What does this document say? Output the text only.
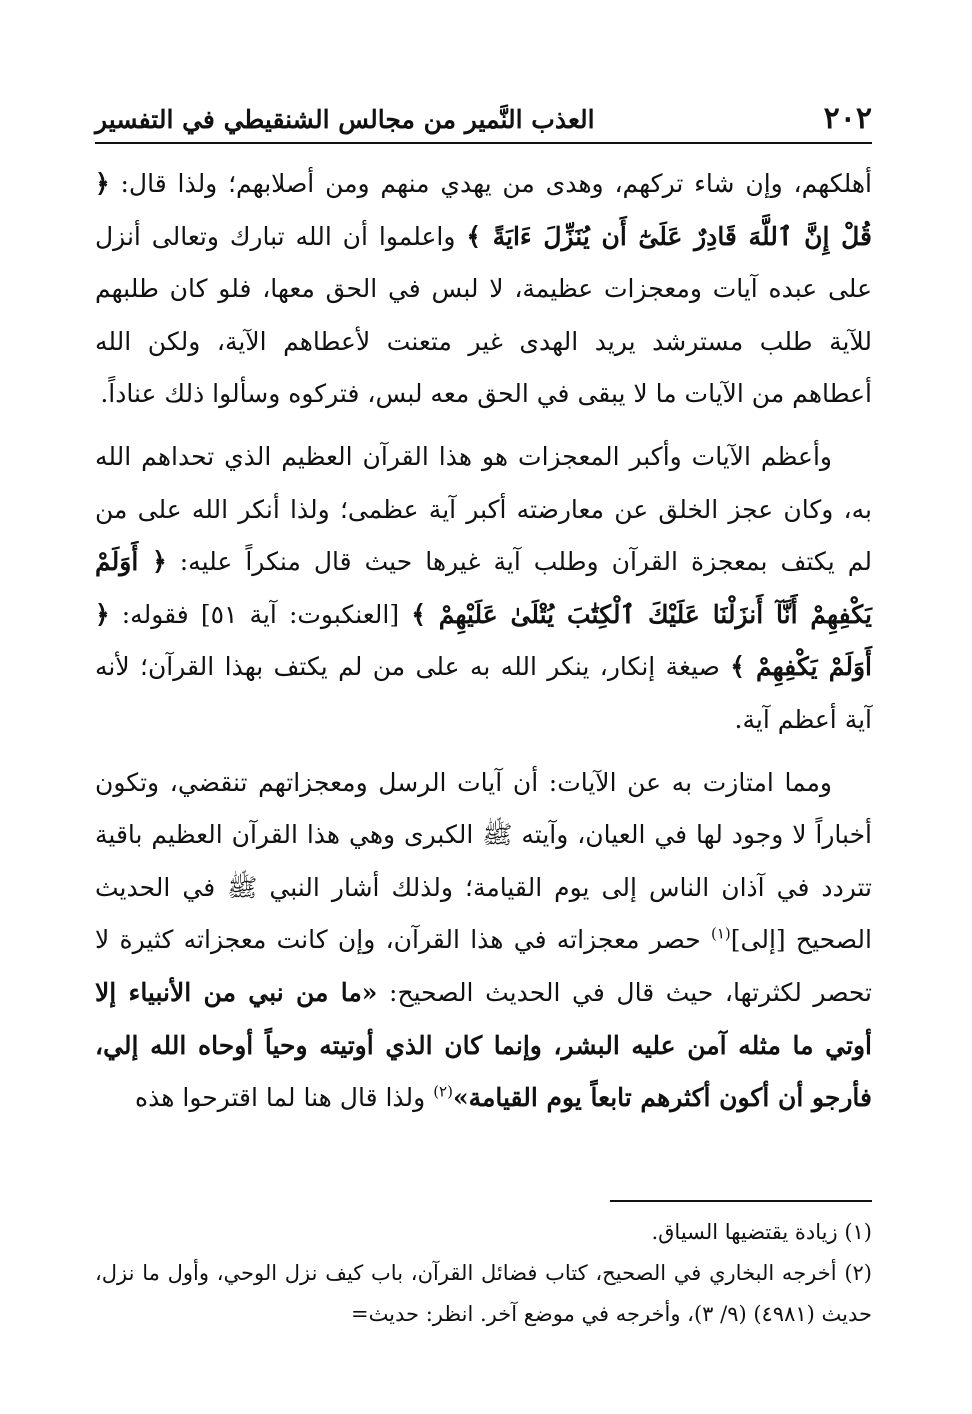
٢٠٢
العذب النَّمير من مجالس الشنقيطي في التفسير

أهلكهم، وإن شاء تركهم، وهدى من يهدي منهم ومن أصلابهم؛ ولذا قال: ﴿ قُلْ إِنَّ ٱللَّهَ قَادِرٌ عَلَىٰٓ أَن يُنَزِّلَ ءَايَةً ﴾ واعلموا أن الله تبارك وتعالى أنزل على عبده آيات ومعجزات عظيمة، لا لبس في الحق معها، فلو كان طلبهم للآية طلب مسترشد يريد الهدى غير متعنت لأعطاهم الآية، ولكن الله أعطاهم من الآيات ما لا يبقى في الحق معه لبس، فتركوه وسألوا ذلك عناداً.

وأعظم الآيات وأكبر المعجزات هو هذا القرآن العظيم الذي تحداهم الله به، وكان عجز الخلق عن معارضته أكبر آية عظمى؛ ولذا أنكر الله على من لم يكتف بمعجزة القرآن وطلب آية غيرها حيث قال منكراً عليه: ﴿ أَوَلَمْ يَكْفِهِمْ أَنَّآ أَنزَلْنَا عَلَيْكَ ٱلْكِتَٰبَ يُتْلَىٰ عَلَيْهِمْ ﴾ [العنكبوت: آية ٥١] فقوله: ﴿ أَوَلَمْ يَكْفِهِمْ ﴾ صيغة إنكار، ينكر الله به على من لم يكتف بهذا القرآن؛ لأنه آية أعظم آية.

ومما امتازت به عن الآيات: أن آيات الرسل ومعجزاتهم تنقضي، وتكون أخباراً لا وجود لها في العيان، وآيته ﷺ الكبرى وهي هذا القرآن العظيم باقية تتردد في آذان الناس إلى يوم القيامة؛ ولذلك أشار النبي ﷺ في الحديث الصحيح [إلى]$^{(١)}$ حصر معجزاته في هذا القرآن، وإن كانت معجزاته كثيرة لا تحصر لكثرتها، حيث قال في الحديث الصحيح: «ما من نبي من الأنبياء إلا أوتي ما مثله آمن عليه البشر، وإنما كان الذي أوتيته وحياً أوحاه الله إلي، فأرجو أن أكون أكثرهم تابعاً يوم القيامة»$^{(٢)}$ ولذا قال هنا لما اقترحوا هذه

(١) زيادة يقتضيها السياق.

(٢) أخرجه البخاري في الصحيح، كتاب فضائل القرآن، باب كيف نزل الوحي، وأول ما نزل، حديث (٤٩٨١) (٩/ ٣)، وأخرجه في موضع آخر. انظر: حديث=
